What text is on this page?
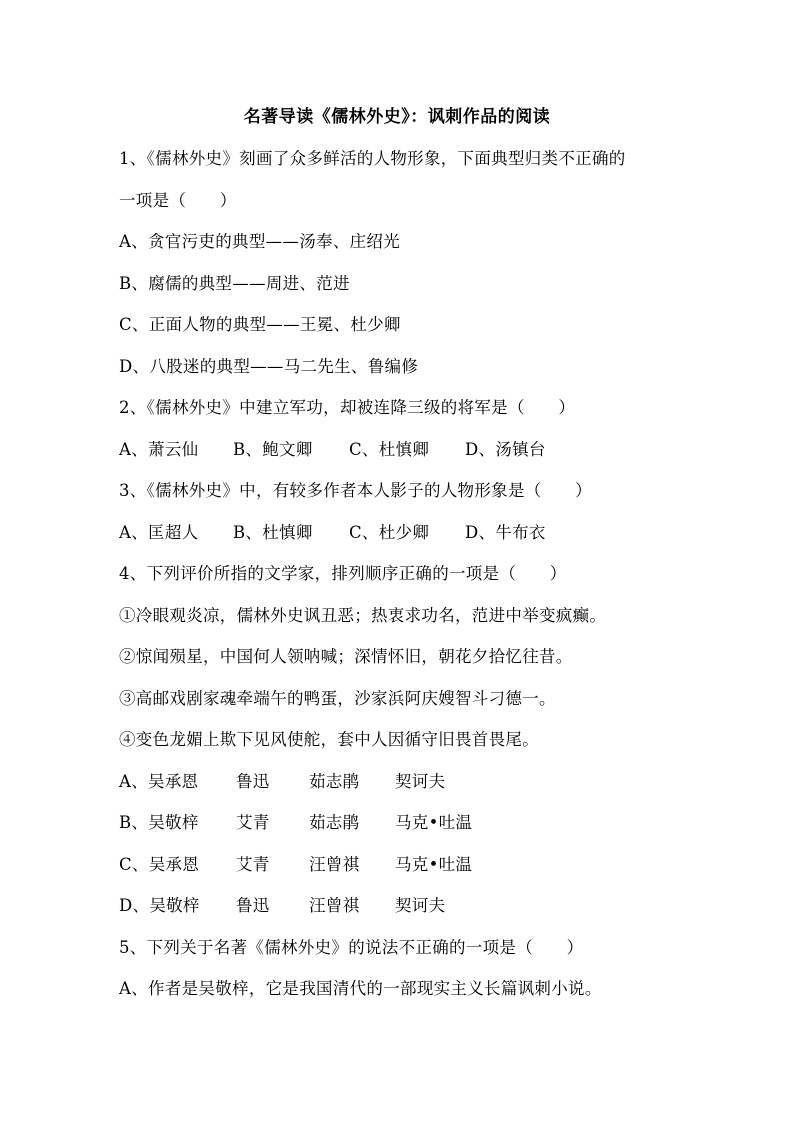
名著导读《儒林外史》：讽刺作品的阅读
1、《儒林外史》刻画了众多鲜活的人物形象，下面典型归类不正确的
一项是（　　）
A、贪官污吏的典型——汤奉、庄绍光
B、腐儒的典型——周进、范进
C、正面人物的典型——王冕、杜少卿
D、八股迷的典型——马二先生、鲁编修
2、《儒林外史》中建立军功，却被连降三级的将军是（　　）
A、萧云仙	B、鲍文卿	C、杜慎卿	D、汤镇台
3、《儒林外史》中，有较多作者本人影子的人物形象是（　　）
A、匡超人	B、杜慎卿	C、杜少卿	D、牛布衣
4、下列评价所指的文学家，排列顺序正确的一项是（　　）
①冷眼观炎凉，儒林外史讽丑恶；热衷求功名，范进中举变疯癫。
②惊闻殒星，中国何人领呐喊；深情怀旧，朝花夕拾忆往昔。
③高邮戏剧家魂牵端午的鸭蛋，沙家浜阿庆嫂智斗刁德一。
④变色龙媚上欺下见风使舵，套中人因循守旧畏首畏尾。
A、吴承恩	鲁迅	茹志鹃	契诃夫
B、吴敬梓	艾青	茹志鹃	马克•吐温
C、吴承恩	艾青	汪曾祺	马克•吐温
D、吴敬梓	鲁迅	汪曾祺	契诃夫
5、下列关于名著《儒林外史》的说法不正确的一项是（　　）
A、作者是吴敬梓，它是我国清代的一部现实主义长篇讽刺小说。
